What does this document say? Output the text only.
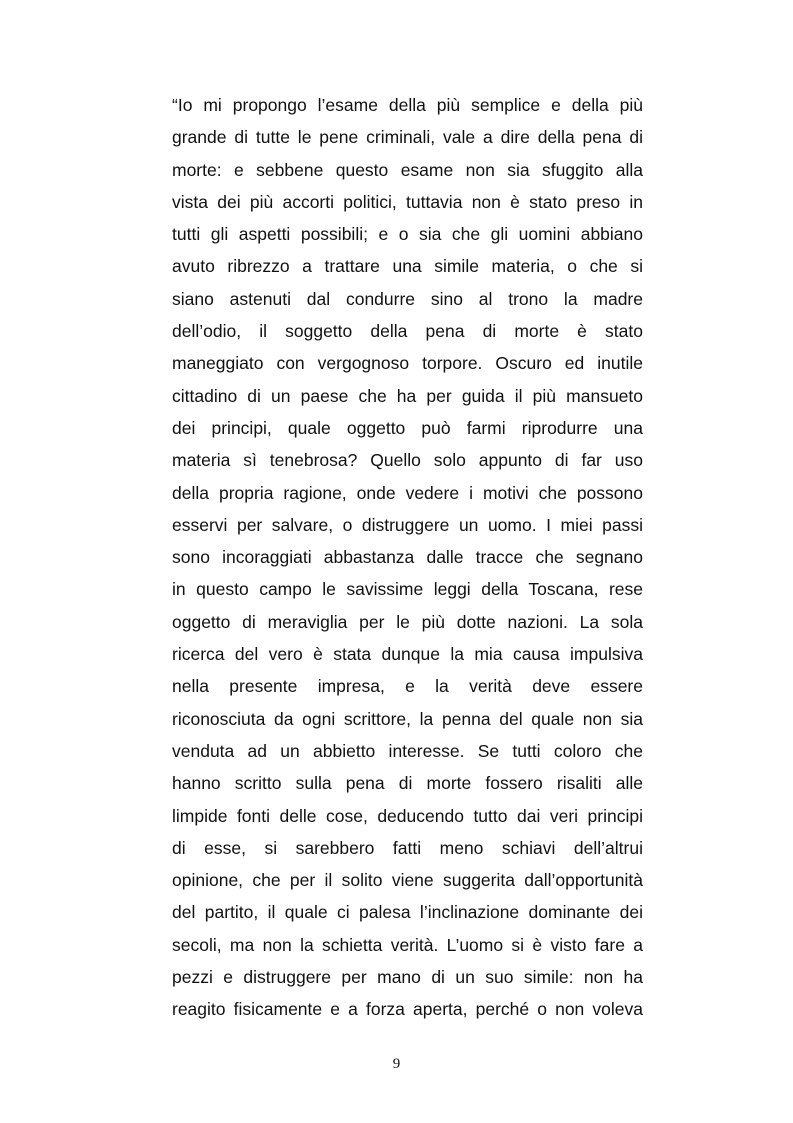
“Io mi propongo l’esame della più semplice e della più
grande di tutte le pene criminali, vale a dire della pena di
morte: e sebbene questo esame non sia sfuggito alla
vista dei più accorti politici, tuttavia non è stato preso in
tutti gli aspetti possibili; e o sia che gli uomini abbiano
avuto ribrezzo a trattare una simile materia, o che si
siano astenuti dal condurre sino al trono la madre
dell’odio, il soggetto della pena di morte è stato
maneggiato con vergognoso torpore. Oscuro ed inutile
cittadino di un paese che ha per guida il più mansueto
dei principi, quale oggetto può farmi riprodurre una
materia sì tenebrosa? Quello solo appunto di far uso
della propria ragione, onde vedere i motivi che possono
esservi per salvare, o distruggere un uomo. I miei passi
sono incoraggiati abbastanza dalle tracce che segnano
in questo campo le savissime leggi della Toscana, rese
oggetto di meraviglia per le più dotte nazioni. La sola
ricerca del vero è stata dunque la mia causa impulsiva
nella presente impresa, e la verità deve essere
riconosciuta da ogni scrittore, la penna del quale non sia
venduta ad un abbietto interesse. Se tutti coloro che
hanno scritto sulla pena di morte fossero risaliti alle
limpide fonti delle cose, deducendo tutto dai veri principi
di esse, si sarebbero fatti meno schiavi dell’altrui
opinione, che per il solito viene suggerita dall’opportunità
del partito, il quale ci palesa l’inclinazione dominante dei
secoli, ma non la schietta verità. L’uomo si è visto fare a
pezzi e distruggere per mano di un suo simile: non ha
reagito fisicamente e a forza aperta, perché o non voleva
9
